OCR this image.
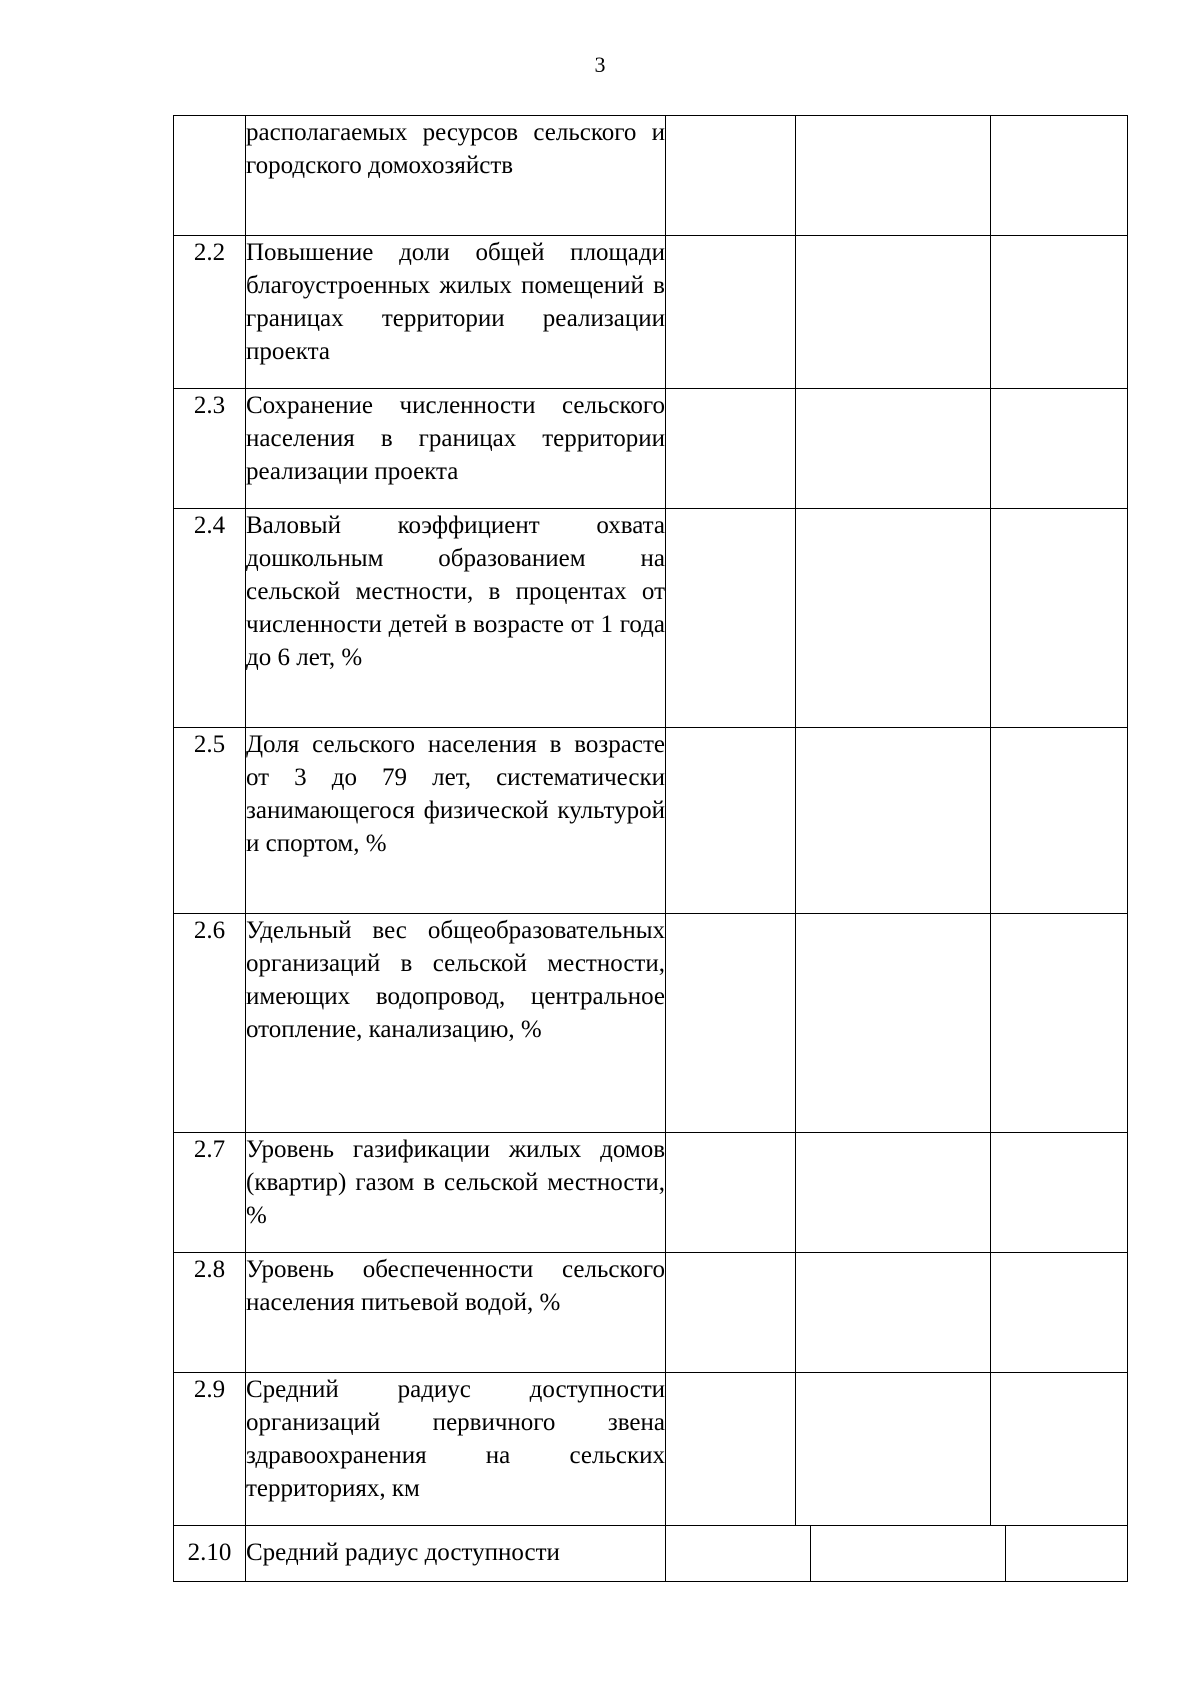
3
	располагаемых ресурсов сельского и городского домохозяйств			
2.2	Повышение доли общей площади благоустроенных жилых помещений в границах территории реализации проекта			
2.3	Сохранение численности сельского населения в границах территории реализации проекта			
2.4	Валовый коэффициент охвата дошкольным образованием на сельской местности, в процентах от численности детей в возрасте от 1 года до 6 лет, %			
2.5	Доля сельского населения в возрасте от 3 до 79 лет, систематически занимающегося физической культурой и спортом, %			
2.6	Удельный вес общеобразовательных организаций в сельской местности, имеющих водопровод, центральное отопление, канализацию, %			
2.7	Уровень газификации жилых домов (квартир) газом в сельской местности, %			
2.8	Уровень обеспеченности сельского населения питьевой водой, %			
2.9	Средний радиус доступности организаций первичного звена здравоохранения на сельских территориях, км			
2.10	Средний радиус доступности	
